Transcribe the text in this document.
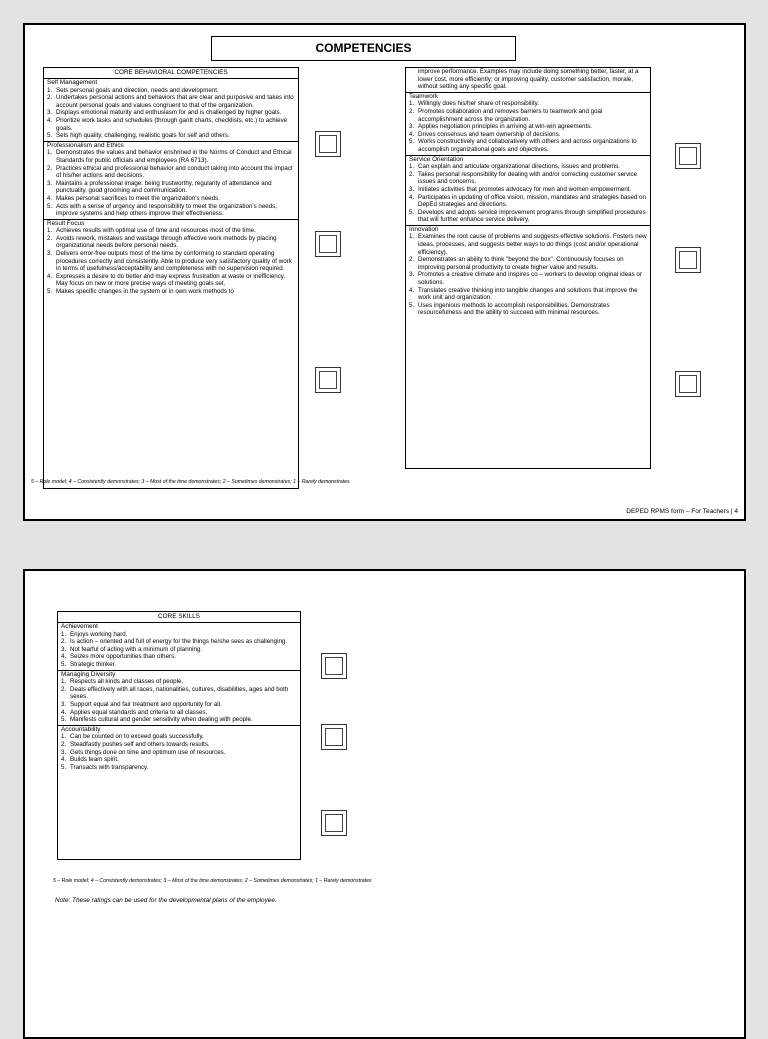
COMPETENCIES
CORE BEHAVIORAL COMPETENCIES
Self Management
1. Sets personal goals and direction, needs and development.
2. Undertakes personal actions and behaviors that are clear and purposive and takes into account personal goals and values congruent to that of the organization.
3. Displays emotional maturity and enthusiasm for and is challenged by higher goals.
4. Prioritize work tasks and schedules (through gantt charts, checklists, etc.) to achieve goals.
5. Sets high quality, challenging, realistic goals for self and others.
Professionalism and Ethics
1. Demonstrates the values and behavior enshrined in the Norms of Conduct and Ethical Standards for public officials and employees (RA 6713).
2. Practices ethical and professional behavior and conduct taking into account the impact of his/her actions and decisions.
3. Maintains a professional image: being trustworthy, regularity of attendance and punctuality, good grooming and communication.
4. Makes personal sacrifices to meet the organization's needs.
5. Acts with a sense of urgency and responsibility to meet the organization's needs, improve systems and help others improve their effectiveness.
Result Focus
1. Achieves results with optimal use of time and resources most of the time.
2. Avoids rework, mistakes and wastage through effective work methods by placing organizational needs before personal needs.
3. Delivers error-free outputs most of the time by conforming to standard operating procedures correctly and consistently. Able to produce very satisfactory quality of work in terms of usefulness/acceptability and completeness with no supervision required.
4. Expresses a desire to do better and may express frustration at waste or inefficiency. May focus on new or more precise ways of meeting goals set.
5. Makes specific changes in the system or in own work methods to
improve performance. Examples may include doing something better, faster, at a lower cost, more efficiently; or improving quality, customer satisfaction, morale, without setting any specific goal.
Teamwork
1. Willingly does his/her share of responsibility.
2. Promotes collaboration and removes barriers to teamwork and goal accomplishment across the organization.
3. Applies negotiation principles in arriving at win-win agreements.
4. Drives consensus and team ownership of decisions.
5. Works constructively and collaboratively with others and across organizations to accomplish organizational goals and objectives.
Service Orientation
1. Can explain and articulate organizational directions, issues and problems.
2. Takes personal responsibility for dealing with and/or correcting customer service issues and concerns.
3. Initiates activities that promotes advocacy for men and women empowerment.
4. Participates in updating of office vision, mission, mandates and strategies based on DepEd strategies and directions.
5. Develops and adopts service improvement programs through simplified procedures that will further enhance service delivery.
Innovation
1. Examines the root cause of problems and suggests effective solutions. Fosters new ideas, processes, and suggests better ways to do things (cost and/or operational efficiency).
2. Demonstrates an ability to think "beyond the box". Continuously focuses on improving personal productivity to create higher value and results.
3. Promotes a creative climate and inspires co – workers to develop original ideas or solutions.
4. Translates creative thinking into tangible changes and solutions that improve the work unit and organization.
5. Uses ingenious methods to accomplish responsibilities. Demonstrates resourcefulness and the ability to succeed with minimal resources.
5 – Role model; 4 – Consistently demonstrates; 3 – Most of the time demonstrates; 2 – Sometimes demonstrates; 1 – Rarely demonstrates
DEPED RPMS form – For Teachers | 4
CORE SKILLS
Achievement
1. Enjoys working hard.
2. Is action – oriented and full of energy for the things he/she sees as challenging.
3. Not fearful of acting with a minimum of planning.
4. Seizes more opportunities than others.
5. Strategic thinker.
Managing Diversity
1. Respects all kinds and classes of people.
2. Deals effectively with all races, nationalities, cultures, disabilities, ages and both sexes.
3. Support equal and fair treatment and opportunity for all.
4. Applies equal standards and criteria to all classes.
5. Manifests cultural and gender sensitivity when dealing with people.
Accountability
1. Can be counted on to exceed goals successfully.
2. Steadfastly pushes self and others towards results.
3. Gets things done on time and optimum use of resources.
4. Builds team spirit.
5. Transacts with transparency.
5 – Role model; 4 – Consistently demonstrates; 3 – Most of the time demonstrates; 2 – Sometimes demonstrates; 1 – Rarely demonstrates
Note: These ratings can be used for the developmental plans of the employee.
